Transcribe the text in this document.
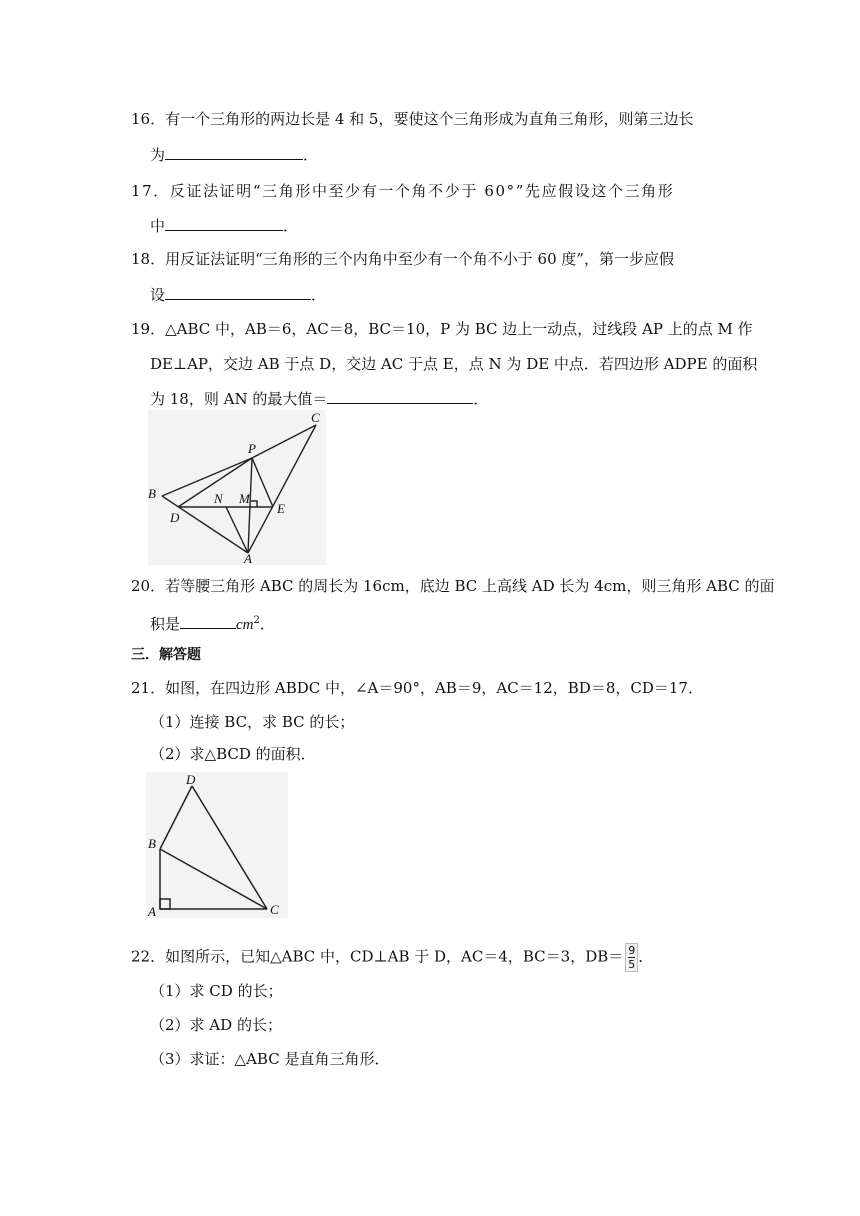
16．有一个三角形的两边长是 4 和 5，要使这个三角形成为直角三角形，则第三边长
为	．
17．反证法证明“三角形中至少有一个角不少于 60°”先应假设这个三角形
中	．
18．用反证法证明“三角形的三个内角中至少有一个角不小于 60 度”，第一步应假
设	．
19．△ABC 中，AB＝6，AC＝8，BC＝10，P 为 BC 边上一动点，过线段 AP 上的点 M 作
DE⊥AP，交边 AB 于点 D，交边 AC 于点 E，点 N 为 DE 中点．若四边形 ADPE 的面积
为 18，则 AN 的最大值＝	．
B
P
C
N M
D
E
A
20．若等腰三角形 ABC 的周长为 16cm，底边 BC 上高线 AD 长为 4cm，则三角形 ABC 的面
积是	$cm^2$．
三．解答题
21．如图，在四边形 ABDC 中，∠A＝90°，AB＝9，AC＝12，BD＝8，CD＝17．
（1）连接 BC，求 BC 的长；
（2）求△BCD 的面积．
D
B
A	C
22．如图所示，已知△ABC 中，CD⊥AB 于 D，AC＝4，BC＝3，$DB= \frac{9}{5}$ ．
（1）求 CD 的长；
（2）求 AD 的长；
（3）求证：△ABC 是直角三角形．
